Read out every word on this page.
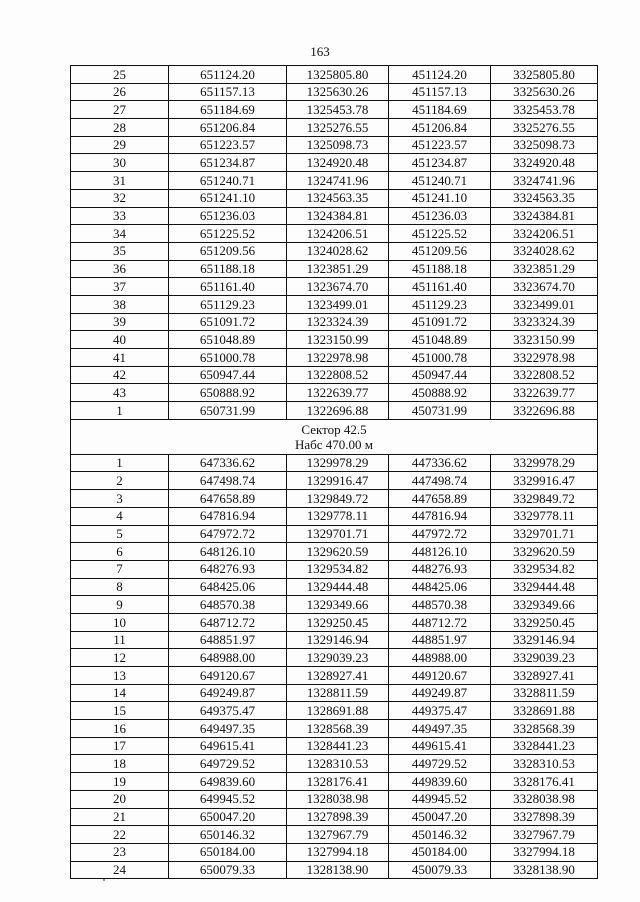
163
25	651124.20	1325805.80	451124.20	3325805.80
26	651157.13	1325630.26	451157.13	3325630.26
27	651184.69	1325453.78	451184.69	3325453.78
28	651206.84	1325276.55	451206.84	3325276.55
29	651223.57	1325098.73	451223.57	3325098.73
30	651234.87	1324920.48	451234.87	3324920.48
31	651240.71	1324741.96	451240.71	3324741.96
32	651241.10	1324563.35	451241.10	3324563.35
33	651236.03	1324384.81	451236.03	3324384.81
34	651225.52	1324206.51	451225.52	3324206.51
35	651209.56	1324028.62	451209.56	3324028.62
36	651188.18	1323851.29	451188.18	3323851.29
37	651161.40	1323674.70	451161.40	3323674.70
38	651129.23	1323499.01	451129.23	3323499.01
39	651091.72	1323324.39	451091.72	3323324.39
40	651048.89	1323150.99	451048.89	3323150.99
41	651000.78	1322978.98	451000.78	3322978.98
42	650947.44	1322808.52	450947.44	3322808.52
43	650888.92	1322639.77	450888.92	3322639.77
1	650731.99	1322696.88	450731.99	3322696.88

Сектор 42.5
Набс 470.00 м				

1	647336.62	1329978.29	447336.62	3329978.29
2	647498.74	1329916.47	447498.74	3329916.47
3	647658.89	1329849.72	447658.89	3329849.72
4	647816.94	1329778.11	447816.94	3329778.11
5	647972.72	1329701.71	447972.72	3329701.71
6	648126.10	1329620.59	448126.10	3329620.59
7	648276.93	1329534.82	448276.93	3329534.82
8	648425.06	1329444.48	448425.06	3329444.48
9	648570.38	1329349.66	448570.38	3329349.66
10	648712.72	1329250.45	448712.72	3329250.45
11	648851.97	1329146.94	448851.97	3329146.94
12	648988.00	1329039.23	448988.00	3329039.23
13	649120.67	1328927.41	449120.67	3328927.41
14	649249.87	1328811.59	449249.87	3328811.59
15	649375.47	1328691.88	449375.47	3328691.88
16	649497.35	1328568.39	449497.35	3328568.39
17	649615.41	1328441.23	449615.41	3328441.23
18	649729.52	1328310.53	449729.52	3328310.53
19	649839.60	1328176.41	449839.60	3328176.41
20	649945.52	1328038.98	449945.52	3328038.98
21	650047.20	1327898.39	450047.20	3327898.39
22	650146.32	1327967.79	450146.32	3327967.79
23	650184.00	1327994.18	450184.00	3327994.18
24	650079.33	1328138.90	450079.33	3328138.90
